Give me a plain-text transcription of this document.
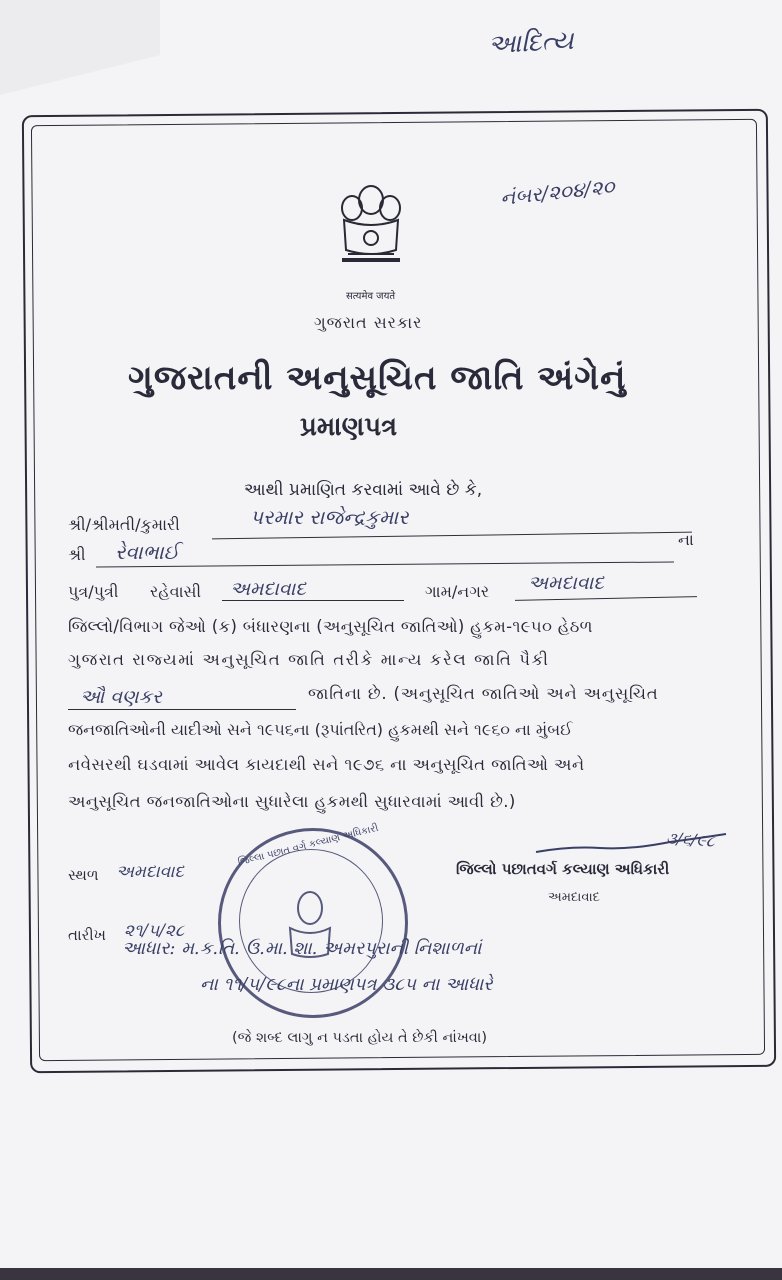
આદિત્ય
નંબર/૨૦૪/૨૦
सत्यमेव जयते
ગુજરાત સરકાર
ગુજરાતની અનુસૂચિત જાતિ અંગેનું
પ્રમાણપત્ર
આથી પ્રમાણિત કરવામાં આવે છે કે,
શ્રી/શ્રીમતી/કુમારી	પરમાર રાજેન્દ્રકુમાર
શ્રી રેવાભાઈ
ના
પુત્ર/પુત્રી રહેવાસી અમદાવાદ	ગામ/નગર અમદાવાદ
જિલ્લો/વિભાગ જેઓ (ક) બંધારણના (અનુસૂચિત જાતિઓ) હુકમ-૧૯૫૦ હેઠળ
ગુજરાત રાજ્યમાં અનુસૂચિત જાતિ તરીકે માન્ય કરેલ જાતિ પૈકી
ઔ વણકર	જાતિના છે. (અનુસૂચિત જાતિઓ અને અનુસૂચિત
જનજાતિઓની યાદીઓ સને ૧૯૫૬ના (રૂપાંતરિત) હુકમથી સને ૧૯૬૦ ના મુંબઈ
નવેસરથી ઘડવામાં આવેલ કાયદાથી સને ૧૯૭૬ ના અનુસૂચિત જાતિઓ અને
અનુસૂચિત જનજાતિઓના સુધારેલા હુકમથી સુધારવામાં આવી છે.)
સ્થળ અમદાવાદ
તારીખ ૨૧/૫/૨૮
જિલ્લા પછાત વર્ગ કલ્યાણ અધિકારી	૩/૬/૯૮
જિલ્લો પછાતવર્ગ કલ્યાણ અધિકારી
અમદાવાદ
આધાર: મ.ક.તિ. ઉ.મા. શા. અમરપુરાની નિશાળનાં
ના ૧૧/૫/૯૮ના પ્રમાણપત્ર ૩૮૫ ના આધારે
(જે શબ્દ લાગુ ન પડતા હોય તે છેકી નાંખવા)
